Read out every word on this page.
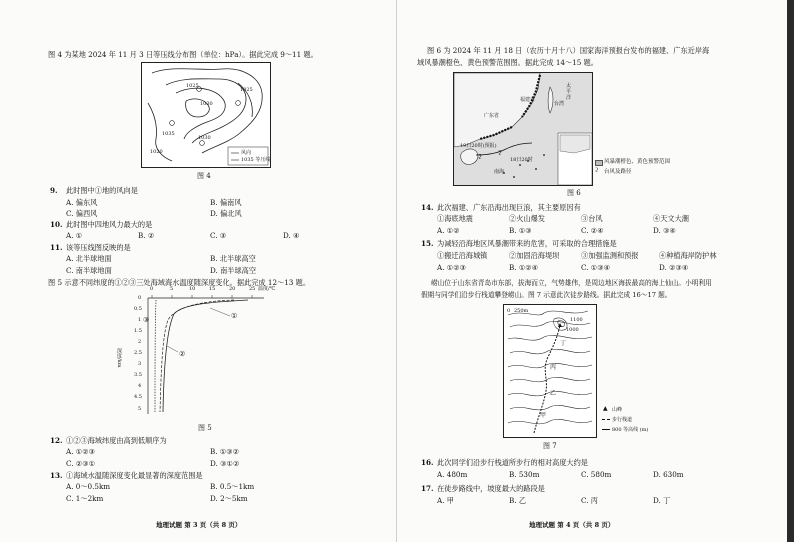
图 4 为某地 2024 年 11 月 3 日等压线分布图（单位：hPa）。据此完成 9～11 题。
1025
1030
1035
1025
1030
1020	风向
1035 等压线
图 4
9. 此时图中①地的风向是
A. 偏东风	B. 偏南风
C. 偏西风	D. 偏北风
10. 此时图中四地风力最大的是
A. ①	B. ②	C. ③	D. ④
11. 该等压线图反映的是
A. 北半球地面	B. 北半球高空
C. 南半球地面	D. 南半球高空
图 5 示意不同纬度的①②③三处海域海水温度随深度变化。据此完成 12～13 题。
0	5	10	15	20	25 温度/℃
0
0.5
1
1.5
2
2.5
3
3.5
4
4.5
5
深度/km
①
②
③
图 5
12. ①②③海域纬度由高到低顺序为
A. ①②③	B. ①③②
C. ②③①	D. ③①②
13. ①海域水温随深度变化最显著的深度范围是
A. 0～0.5km	B. 0.5～1km
C. 1～2km	D. 2～5km
地理试题 第 3 页（共 8 页）
图 6 为 2024 年 11 月 18 日（农历十月十八）国家海洋预报台发布的福建、广东近岸海
域风暴潮橙色、黄色预警范围图。据此完成 14～15 题。
ϩ ϩ
福建省
台湾
广东省
太平洋
南海
19日20时(预报)
18日20时	风暴潮橙色、黄色预警范围
ϩ 台风及路径
图 6
14. 此次福建、广东沿海出现巨浪，其主要原因有
①海底地震	②火山爆发	③台风	④天文大潮
A. ①②	B. ①③	C. ②④	D. ③④
15. 为减轻沿海地区风暴潮带来的危害，可采取的合理措施是
①搬迁沿海城镇	②加固沿海堤坝	③加强监测和预报	④种植海岸防护林
A. ①②③	B. ①②④	C. ①③④	D. ②③④
崂山位于山东省青岛市东部，拔海而立，气势雄伟，是周边地区海拔最高的海上仙山。小明利用
假期与同学们沿步行栈道攀登崂山。图 7 示意此次徒步路线。据此完成 16～17 题。
0 250m
1000
1100
甲
乙
丙
丁
▲ 山峰
步行栈道
800 等高线 (m)
图 7
16. 此次同学们沿步行栈道所步行的相对高度大约是
A. 480m	B. 530m	C. 580m	D. 630m
17. 在徒步路线中，坡度最大的路段是
A. 甲	B. 乙	C. 丙	D. 丁
地理试题 第 4 页（共 8 页）
